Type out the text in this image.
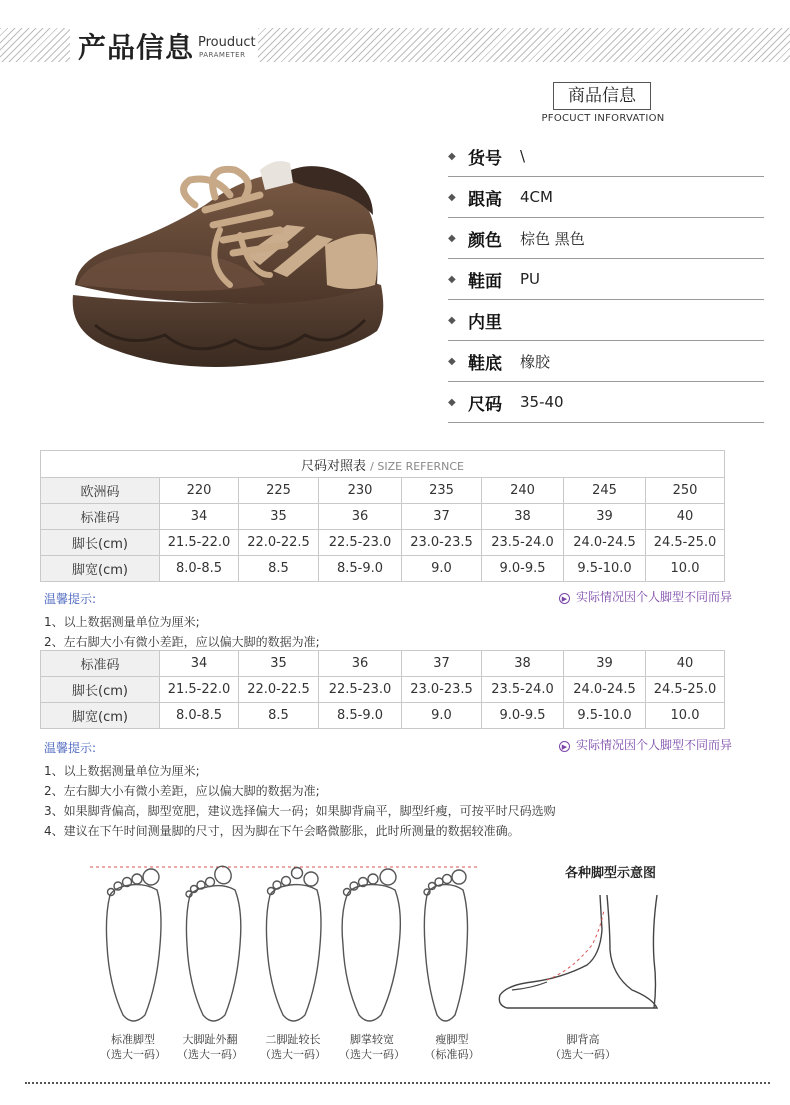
产品信息 Prouduct
PARAMETER
商品信息
PFOCUCT INFORVATION
◆ 货号	\
◆ 跟高	4CM
◆ 颜色	棕色 黑色
◆ 鞋面	PU
◆ 内里
◆ 鞋底	橡胶
◆ 尺码	35-40
尺码对照表 / SIZE REFERNCE							
欧洲码	220	225	230	235	240	245	250
标准码	34	35	36	37	38	39	40
脚长(cm)	21.5-22.0	22.0-22.5	22.5-23.0	23.0-23.5	23.5-24.0	24.0-24.5	24.5-25.0
脚宽(cm)	8.0-8.5	8.5	8.5-9.0	9.0	9.0-9.5	9.5-10.0	10.0
温馨提示:	▶ 实际情况因个人脚型不同而异
1、以上数据测量单位为厘米;
2、左右脚大小有微小差距，应以偏大脚的数据为准;
标准码	34	35	36	37	38	39	40
脚长(cm)	21.5-22.0	22.0-22.5	22.5-23.0	23.0-23.5	23.5-24.0	24.0-24.5	24.5-25.0
脚宽(cm)	8.0-8.5	8.5	8.5-9.0	9.0	9.0-9.5	9.5-10.0	10.0
温馨提示:	▶ 实际情况因个人脚型不同而异
1、以上数据测量单位为厘米;
2、左右脚大小有微小差距，应以偏大脚的数据为准;
3、如果脚背偏高，脚型宽肥，建议选择偏大一码；如果脚背扁平，脚型纤瘦，可按平时尺码选购
4、建议在下午时间测量脚的尺寸，因为脚在下午会略微膨胀，此时所测量的数据较准确。
标准脚型
（选大一码）
大脚趾外翻
（选大一码）
二脚趾较长
（选大一码）
脚掌较宽
（选大一码）
瘦脚型
（标准码）
各种脚型示意图
脚背高
（选大一码）
